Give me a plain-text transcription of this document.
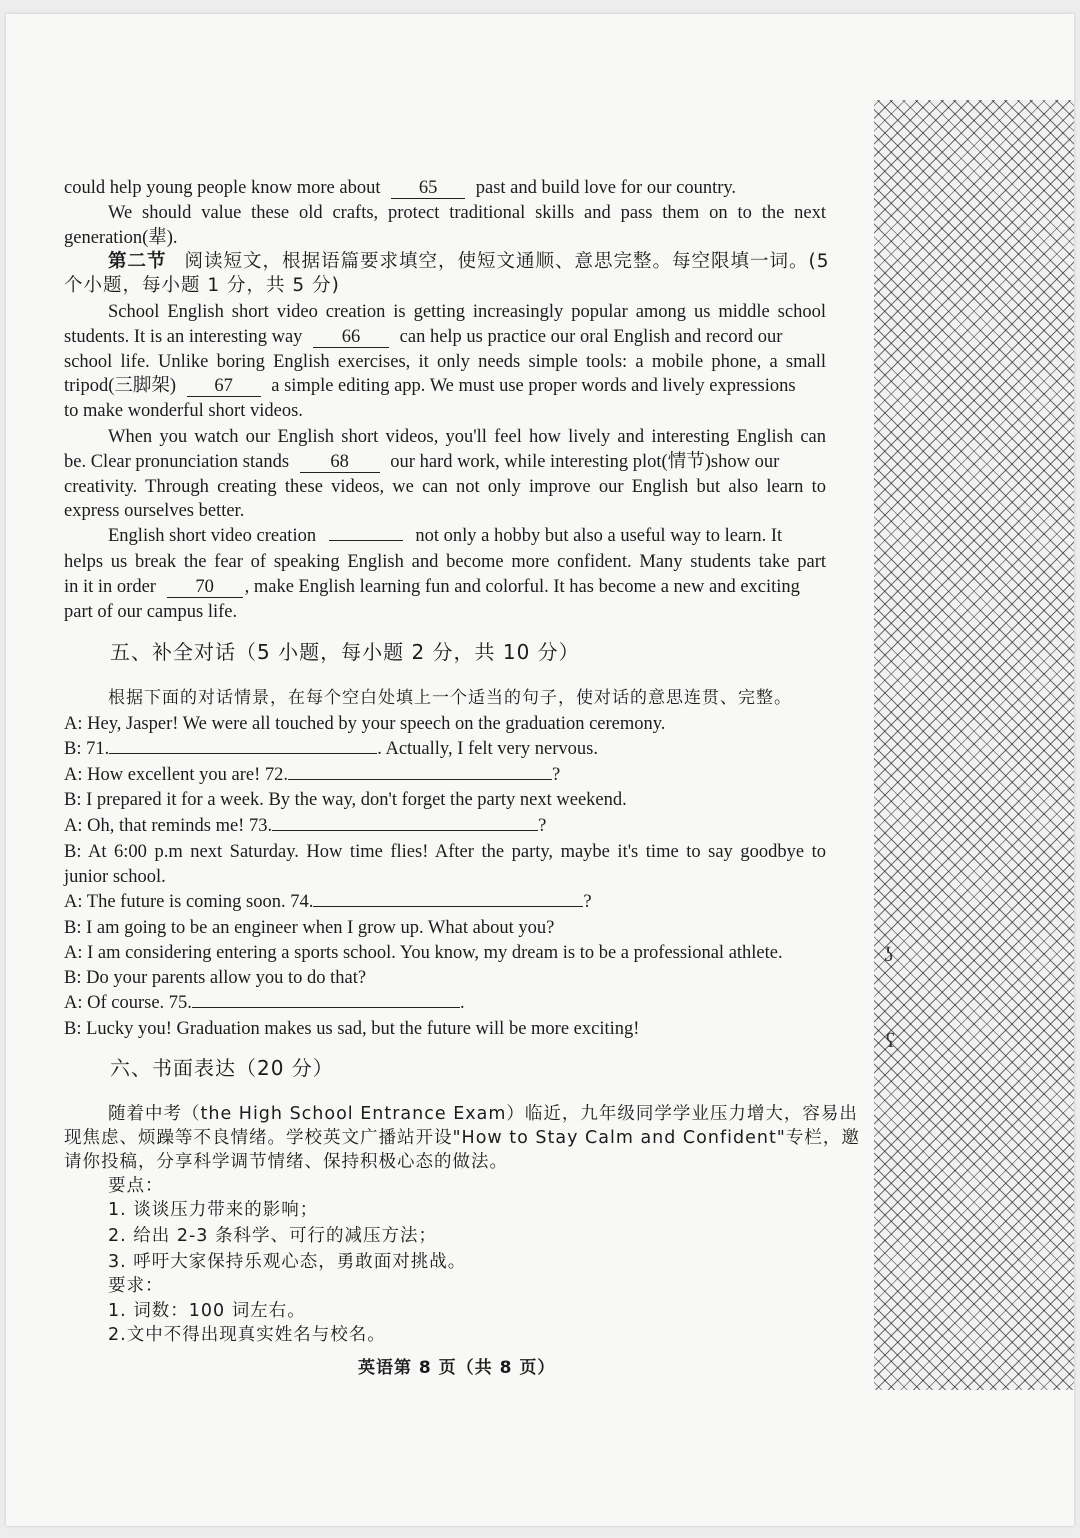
ʖ
ʕ
could help young people know more about 65 past and build love for our country.
We should value these old crafts, protect traditional skills and pass them on to the next
generation(辈).
第二节 阅读短文，根据语篇要求填空，使短文通顺、意思完整。每空限填一词。(5
个小题，每小题 1 分，共 5 分)
School English short video creation is getting increasingly popular among us middle school
students. It is an interesting way 66 can help us practice our oral English and record our
school life. Unlike boring English exercises, it only needs simple tools: a mobile phone, a small
tripod(三脚架) 67 a simple editing app. We must use proper words and lively expressions
to make wonderful short videos.
When you watch our English short videos, you'll feel how lively and interesting English can
be. Clear pronunciation stands 68 our hard work, while interesting plot(情节)show our
creativity. Through creating these videos, we can not only improve our English but also learn to
express ourselves better.
English short video creation	not only a hobby but also a useful way to learn. It
helps us break the fear of speaking English and become more confident. Many students take part
in it in order 70 , make English learning fun and colorful. It has become a new and exciting
part of our campus life.
五、补全对话（5 小题，每小题 2 分，共 10 分）
根据下面的对话情景，在每个空白处填上一个适当的句子，使对话的意思连贯、完整。
A: Hey, Jasper! We were all touched by your speech on the graduation ceremony.
B: 71.	. Actually, I felt very nervous.
A: How excellent you are! 72.	?
B: I prepared it for a week. By the way, don't forget the party next weekend.
A: Oh, that reminds me! 73.	?
B: At 6:00 p.m next Saturday. How time flies! After the party, maybe it's time to say goodbye to
junior school.
A: The future is coming soon. 74.	?
B: I am going to be an engineer when I grow up. What about you?
A: I am considering entering a sports school. You know, my dream is to be a professional athlete.
B: Do your parents allow you to do that?
A: Of course. 75.	.
B: Lucky you! Graduation makes us sad, but the future will be more exciting!
六、书面表达（20 分）
随着中考（the High School Entrance Exam）临近，九年级同学学业压力增大，容易出
现焦虑、烦躁等不良情绪。学校英文广播站开设"How to Stay Calm and Confident"专栏，邀
请你投稿，分享科学调节情绪、保持积极心态的做法。
要点：
1. 谈谈压力带来的影响；
2. 给出 2-3 条科学、可行的减压方法；
3. 呼吁大家保持乐观心态，勇敢面对挑战。
要求：
1. 词数：100 词左右。
2.文中不得出现真实姓名与校名。
英语第 8 页（共 8 页）
